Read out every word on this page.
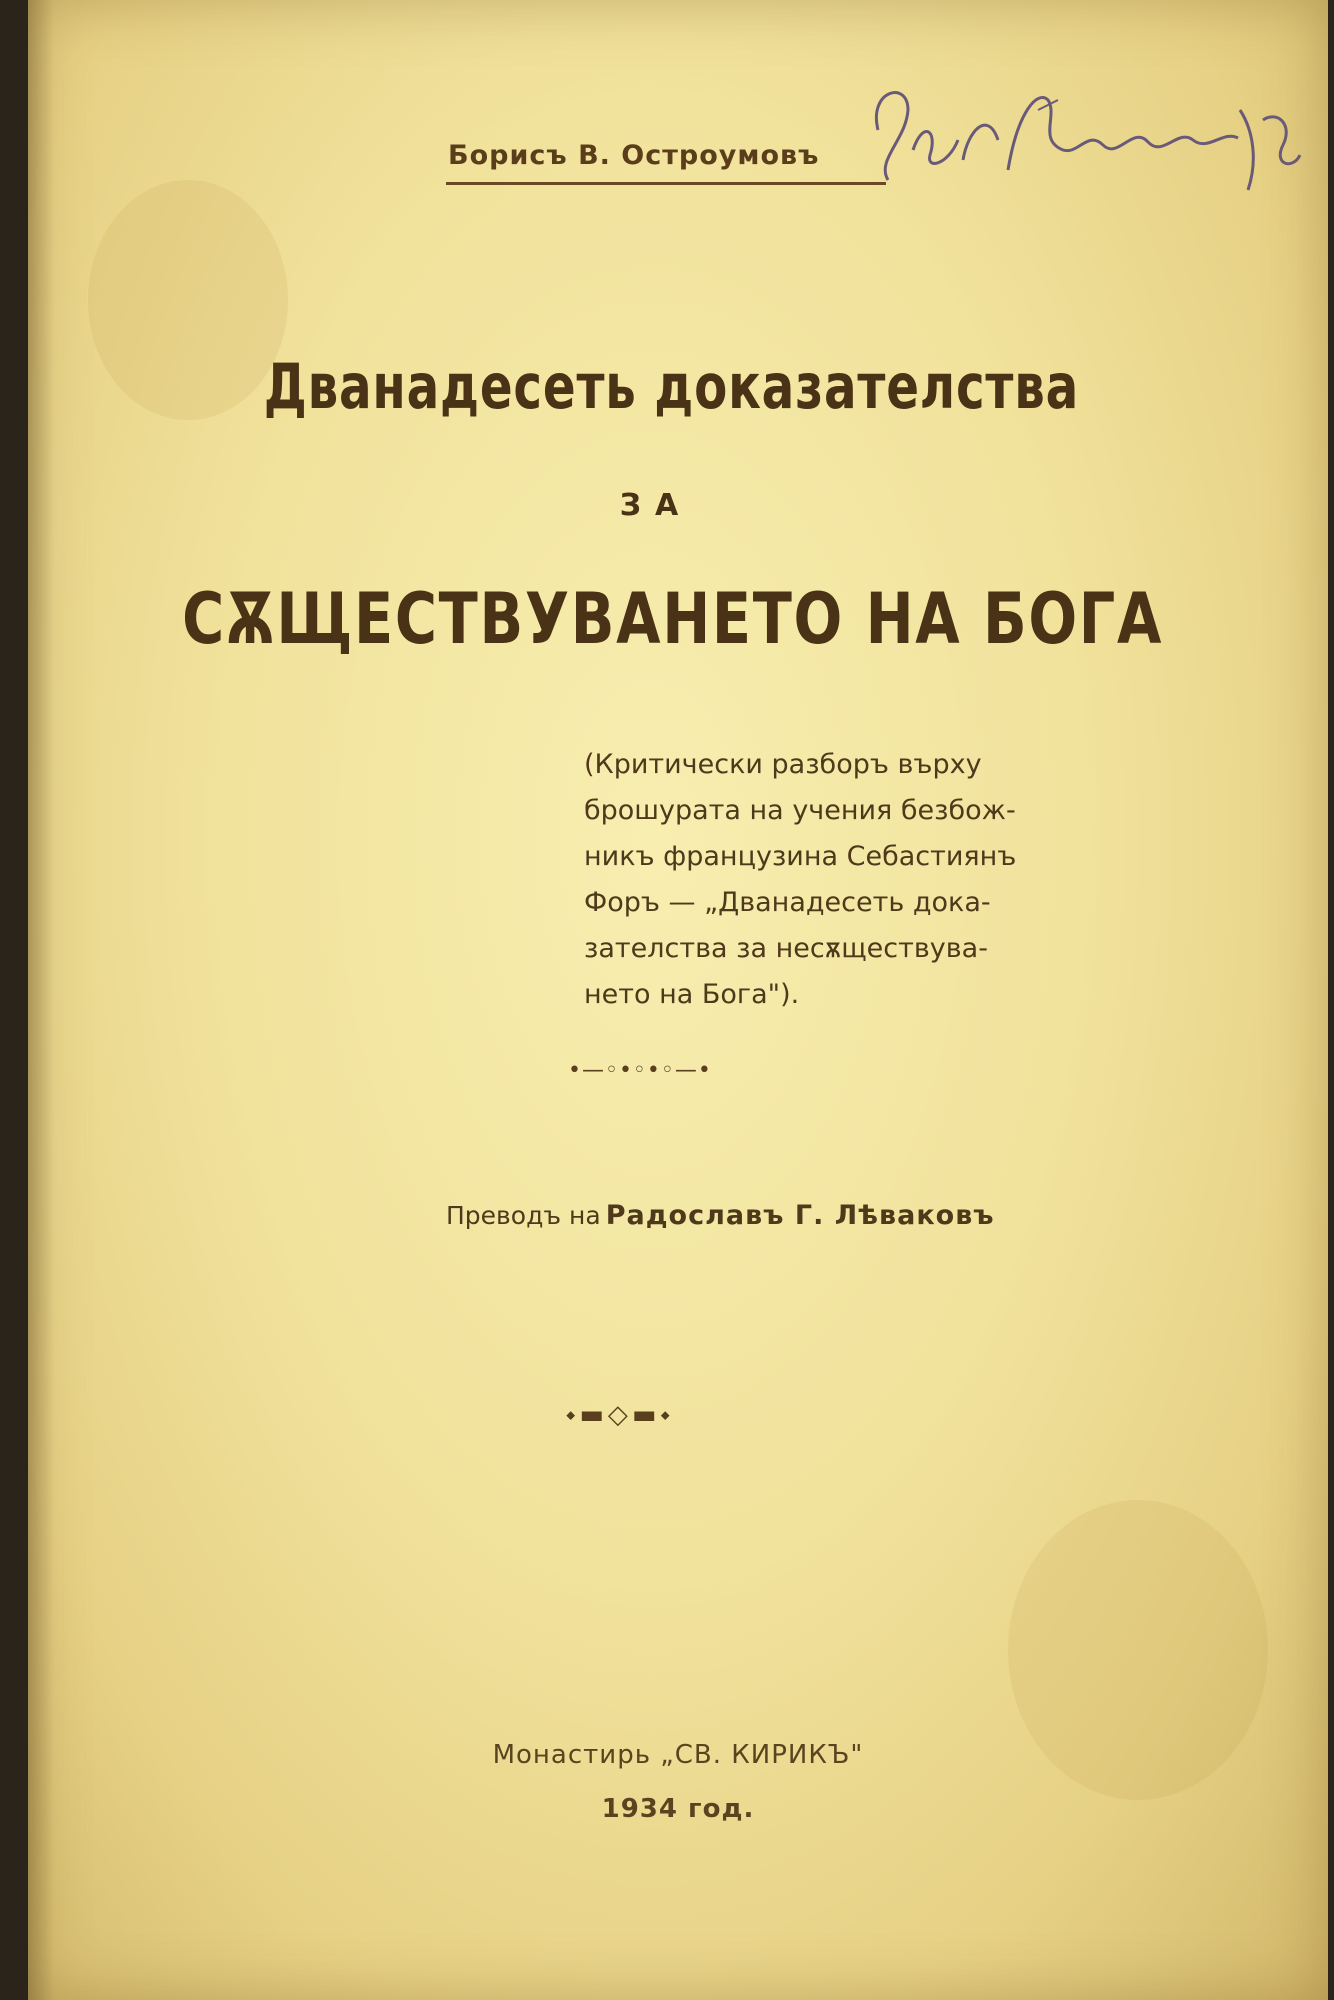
Борисъ В. Остроумовъ
Дванадесеть доказателства
ЗА
СѪЩЕСТВУВАНЕТО НА БОГА
(Критически разборъ върху
брошурата на учения безбож-
никъ французина Себастиянъ
Форъ — „Дванадесеть дока-
зателства за несѫществува-
нето на Бога").
•—◦•◦•◦—•
Преводъ на Радославъ Г. Лѣваковъ
⬩▬◇▬⬩
Монастирь „СВ. КИРИКЪ"
1934 год.
